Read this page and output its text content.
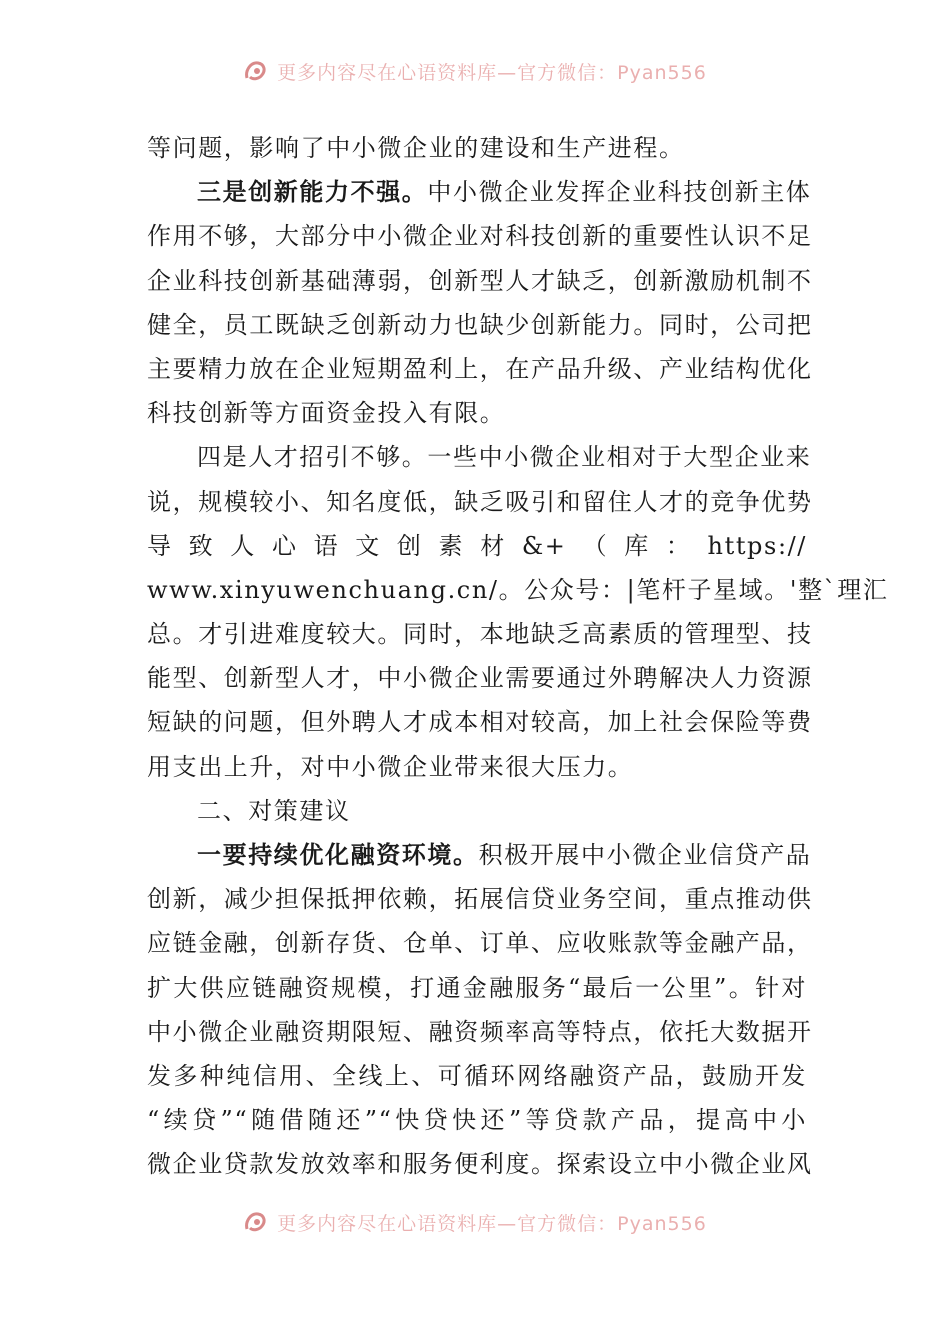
更多内容尽在心语资料库—官方微信：Pyan556
等问题，影响了中小微企业的建设和生产进程。
三是创新能力不强。中小微企业发挥企业科技创新主体
作用不够，大部分中小微企业对科技创新的重要性认识不足
企业科技创新基础薄弱，创新型人才缺乏，创新激励机制不
健全，员工既缺乏创新动力也缺少创新能力。同时，公司把
主要精力放在企业短期盈利上，在产品升级、产业结构优化
科技创新等方面资金投入有限。
四是人才招引不够。一些中小微企业相对于大型企业来
说，规模较小、知名度低，缺乏吸引和留住人才的竞争优势
导致人心语文创素材&+（库：https://
www.xinyuwenchuang.cn/。公众号：|笔杆子星域。'整`理汇
总。才引进难度较大。同时，本地缺乏高素质的管理型、技
能型、创新型人才，中小微企业需要通过外聘解决人力资源
短缺的问题，但外聘人才成本相对较高，加上社会保险等费
用支出上升，对中小微企业带来很大压力。
二、对策建议
一要持续优化融资环境。积极开展中小微企业信贷产品
创新，减少担保抵押依赖，拓展信贷业务空间，重点推动供
应链金融，创新存货、仓单、订单、应收账款等金融产品，
扩大供应链融资规模，打通金融服务“最后一公里”。针对
中小微企业融资期限短、融资频率高等特点，依托大数据开
发多种纯信用、全线上、可循环网络融资产品，鼓励开发
“续贷”“随借随还”“快贷快还”等贷款产品，提高中小
微企业贷款发放效率和服务便利度。探索设立中小微企业风
更多内容尽在心语资料库—官方微信：Pyan556
